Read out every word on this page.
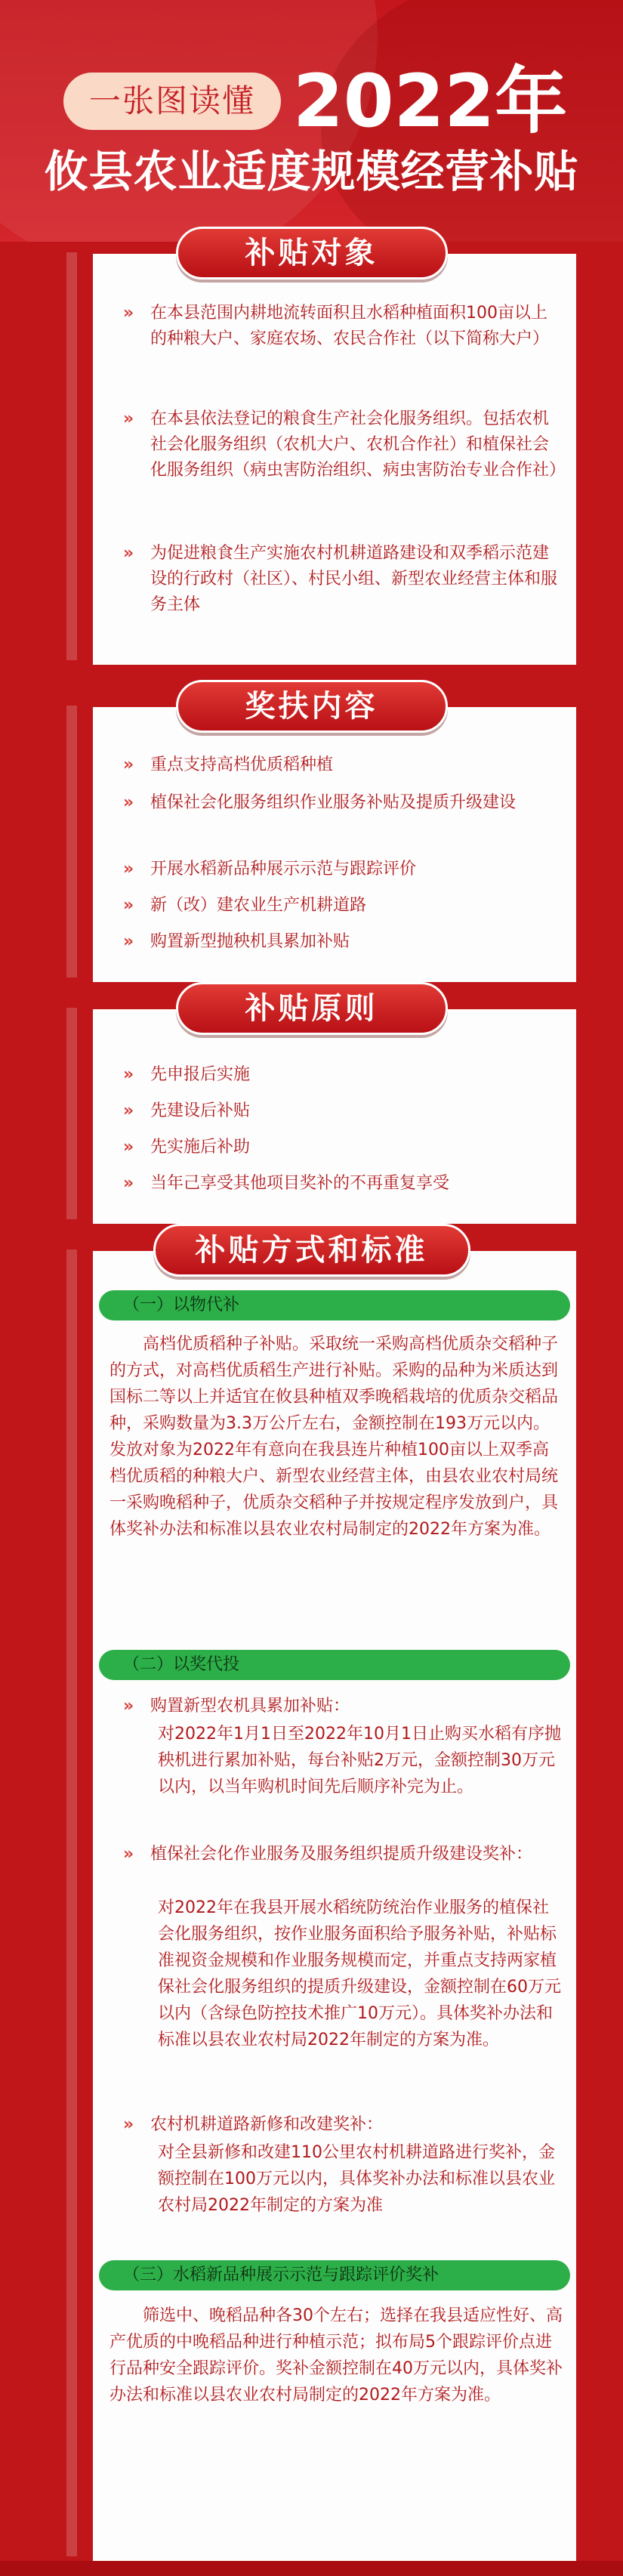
一张图读懂 2022年
攸县农业适度规模经营补贴
补贴对象
» 在本县范围内耕地流转面积且水稻种植面积100亩以上的种粮大户、家庭农场、农民合作社（以下简称大户）
» 在本县依法登记的粮食生产社会化服务组织。包括农机社会化服务组织（农机大户、农机合作社）和植保社会化服务组织（病虫害防治组织、病虫害防治专业合作社）
» 为促进粮食生产实施农村机耕道路建设和双季稻示范建设的行政村（社区）、村民小组、新型农业经营主体和服务主体
奖扶内容
» 重点支持高档优质稻种植
» 植保社会化服务组织作业服务补贴及提质升级建设
» 开展水稻新品种展示示范与跟踪评价
» 新（改）建农业生产机耕道路
» 购置新型抛秧机具累加补贴
补贴原则
» 先申报后实施
» 先建设后补贴
» 先实施后补助
» 当年己享受其他项目奖补的不再重复享受
补贴方式和标准
（一）以物代补
高档优质稻种子补贴。采取统一采购高档优质杂交稻种子的方式，对高档优质稻生产进行补贴。采购的品种为米质达到国标二等以上并适宜在攸县种植双季晚稻栽培的优质杂交稻品种，采购数量为3.3万公斤左右，金额控制在193万元以内。发放对象为2022年有意向在我县连片种植100亩以上双季高档优质稻的种粮大户、新型农业经营主体，由县农业农村局统一采购晚稻种子，优质杂交稻种子并按规定程序发放到户，具体奖补办法和标准以县农业农村局制定的2022年方案为准。
（二）以奖代投
» 购置新型农机具累加补贴：
对2022年1月1日至2022年10月1日止购买水稻有序抛秧机进行累加补贴，每台补贴2万元，金额控制30万元以内，以当年购机时间先后顺序补完为止。
» 植保社会化作业服务及服务组织提质升级建设奖补：
对2022年在我县开展水稻统防统治作业服务的植保社会化服务组织，按作业服务面积给予服务补贴，补贴标准视资金规模和作业服务规模而定，并重点支持两家植保社会化服务组织的提质升级建设，金额控制在60万元以内（含绿色防控技术推广10万元）。具体奖补办法和标准以县农业农村局2022年制定的方案为准。
» 农村机耕道路新修和改建奖补：
对全县新修和改建110公里农村机耕道路进行奖补，金额控制在100万元以内，具体奖补办法和标准以县农业农村局2022年制定的方案为准
（三）水稻新品种展示示范与跟踪评价奖补
筛选中、晚稻品种各30个左右；选择在我县适应性好、高产优质的中晚稻品种进行种植示范；拟布局5个跟踪评价点进行品种安全跟踪评价。奖补金额控制在40万元以内，具体奖补办法和标准以县农业农村局制定的2022年方案为准。
